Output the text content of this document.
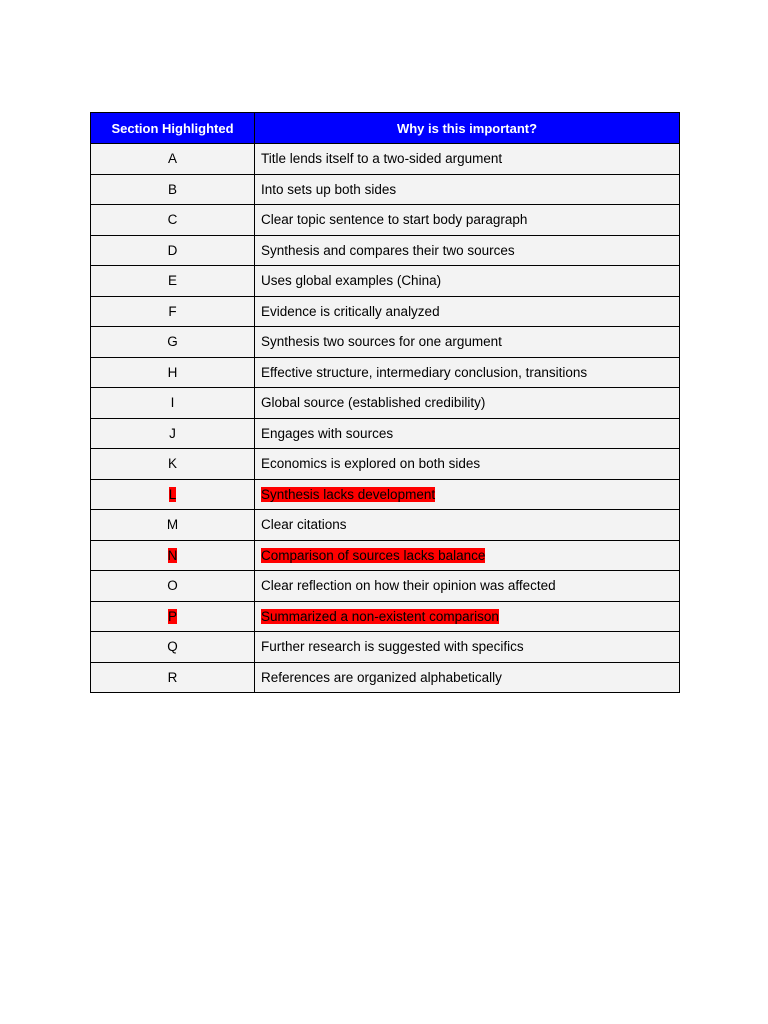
Section Highlighted	Why is this important?
A	Title lends itself to a two-sided argument
B	Into sets up both sides
C	Clear topic sentence to start body paragraph
D	Synthesis and compares their two sources
E	Uses global examples (China)
F	Evidence is critically analyzed
G	Synthesis two sources for one argument
H	Effective structure, intermediary conclusion, transitions
I	Global source (established credibility)
J	Engages with sources
K	Economics is explored on both sides
L	Synthesis lacks development
M	Clear citations
N	Comparison of sources lacks balance
O	Clear reflection on how their opinion was affected
P	Summarized a non-existent comparison
Q	Further research is suggested with specifics
R	References are organized alphabetically
